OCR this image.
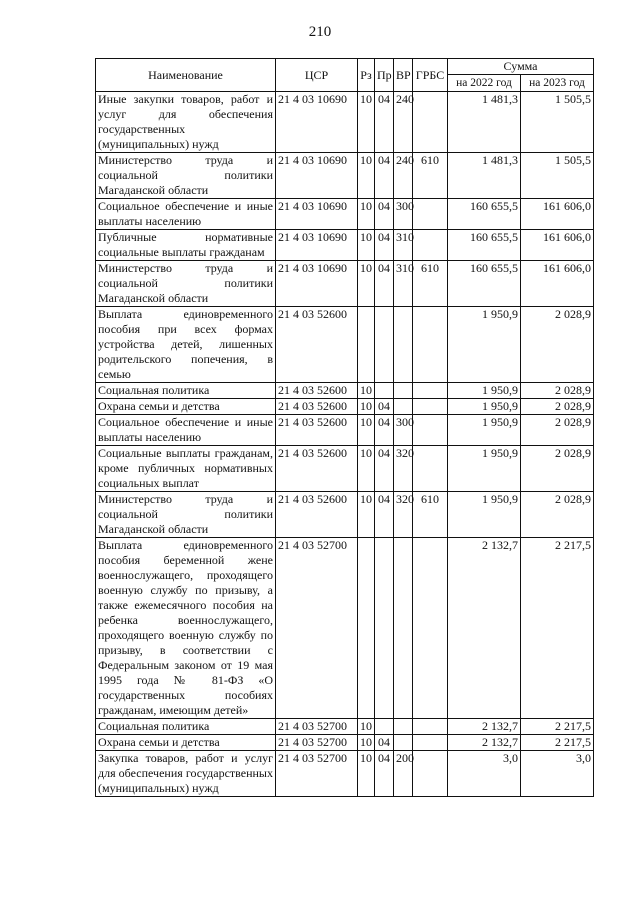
210
Наименование	ЦСР	Рз	Пр	ВР	ГРБС	Сумма	
						на 2022 год	на 2023 год
Иные закупки товаров, работ и услуг для обеспечения государственных (муниципальных) нужд	21 4 03 10690	10	04	240		1 481,3	1 505,5
Министерство труда и социальной политики Магаданской области	21 4 03 10690	10	04	240	610	1 481,3	1 505,5
Социальное обеспечение и иные выплаты населению	21 4 03 10690	10	04	300		160 655,5	161 606,0
Публичные нормативные социальные выплаты гражданам	21 4 03 10690	10	04	310		160 655,5	161 606,0
Министерство труда и социальной политики Магаданской области	21 4 03 10690	10	04	310	610	160 655,5	161 606,0
Выплата единовременного пособия при всех формах устройства детей, лишенных родительского попечения, в семью	21 4 03 52600					1 950,9	2 028,9
Социальная политика	21 4 03 52600	10				1 950,9	2 028,9
Охрана семьи и детства	21 4 03 52600	10	04			1 950,9	2 028,9
Социальное обеспечение и иные выплаты населению	21 4 03 52600	10	04	300		1 950,9	2 028,9
Социальные выплаты гражданам, кроме публичных нормативных социальных выплат	21 4 03 52600	10	04	320		1 950,9	2 028,9
Министерство труда и социальной политики Магаданской области	21 4 03 52600	10	04	320	610	1 950,9	2 028,9
Выплата единовременного пособия беременной жене военнослужащего, проходящего военную службу по призыву, а также ежемесячного пособия на ребенка военнослужащего, проходящего военную службу по призыву, в соответствии с Федеральным законом от 19 мая 1995 года № 81-ФЗ «О государственных пособиях гражданам, имеющим детей»	21 4 03 52700					2 132,7	2 217,5
Социальная политика	21 4 03 52700	10				2 132,7	2 217,5
Охрана семьи и детства	21 4 03 52700	10	04			2 132,7	2 217,5
Закупка товаров, работ и услуг для обеспечения государственных (муниципальных) нужд	21 4 03 52700	10	04	200		3,0	3,0
